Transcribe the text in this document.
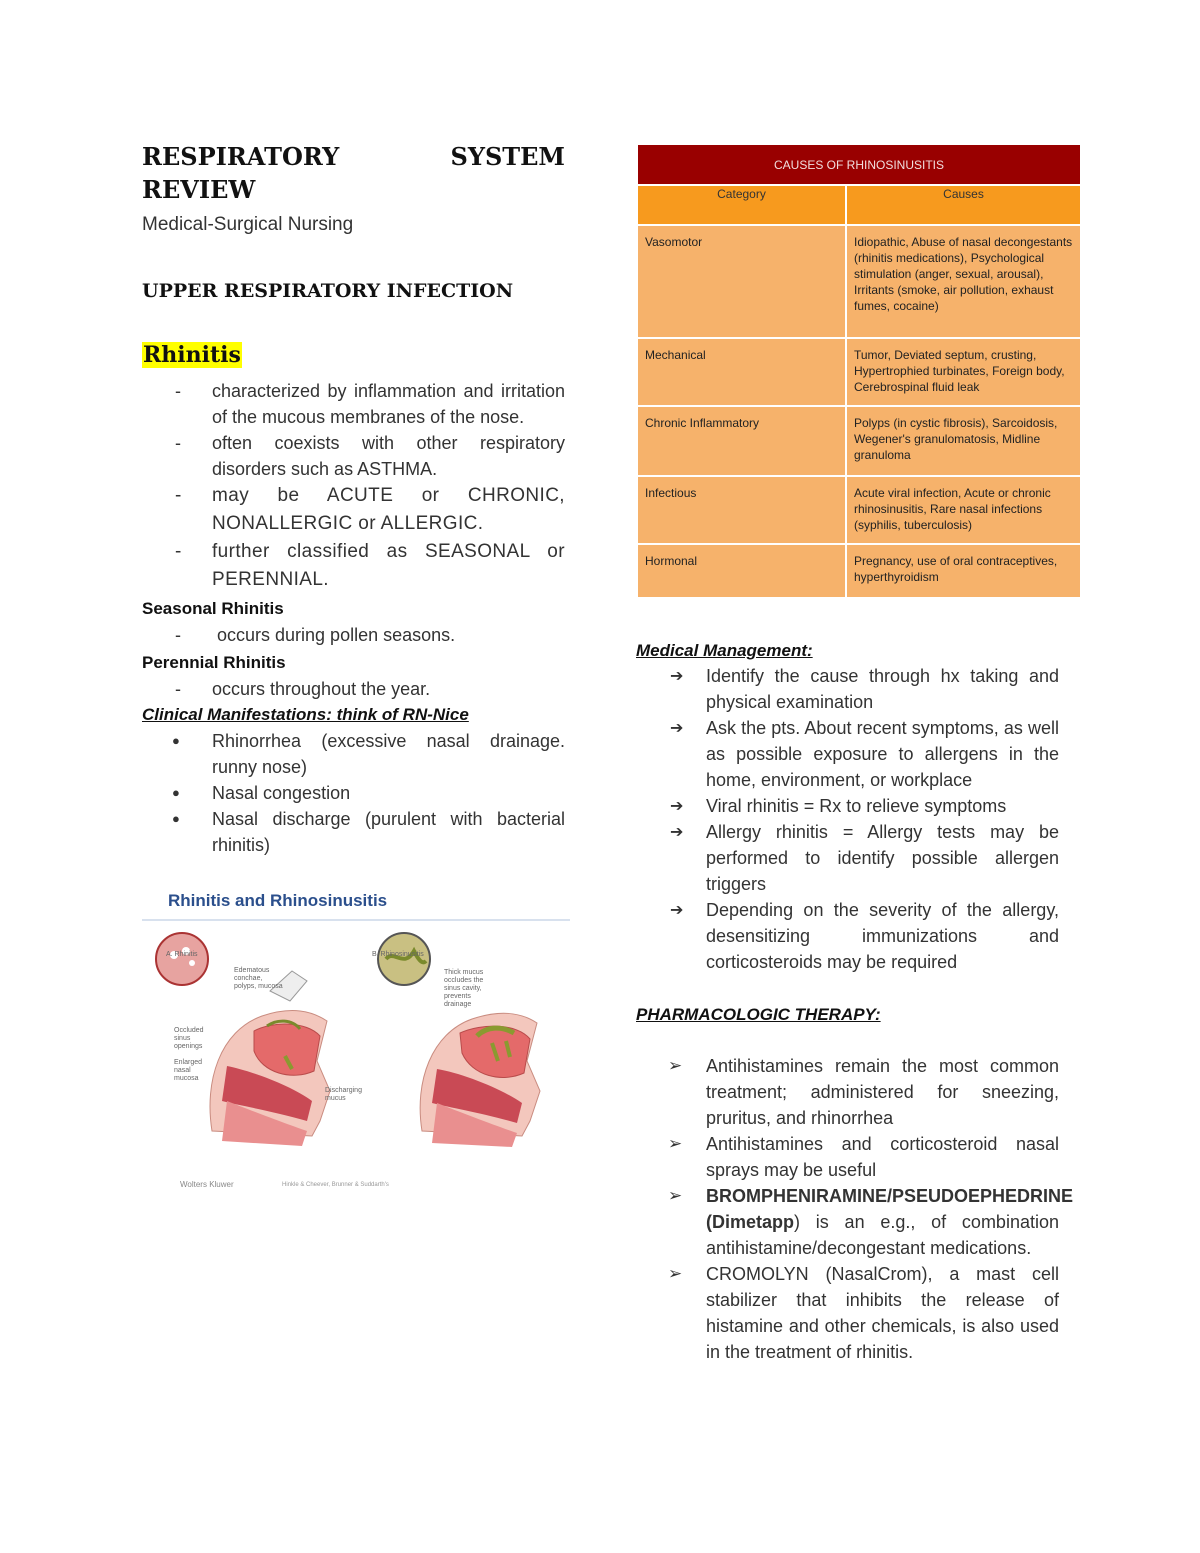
RESPIRATORY	SYSTEM
REVIEW
Medical-Surgical Nursing
UPPER RESPIRATORY INFECTION
Rhinitis
- characterized by inflammation and irritation of the mucous membranes of the nose.
- often coexists with other respiratory disorders such as ASTHMA.
- may be ACUTE or CHRONIC, NONALLERGIC or ALLERGIC.
- further classified as SEASONAL or PERENNIAL.
Seasonal Rhinitis
-  occurs during pollen seasons.
Perennial Rhinitis
- occurs throughout the year.
Clinical Manifestations: think of RN-Nice
● Rhinorrhea (excessive nasal drainage. runny nose)
● Nasal congestion
● Nasal discharge (purulent with bacterial rhinitis)
Rhinitis and Rhinosinusitis
A. Rhinitis
Edematous conchae, polyps, mucosa
Occluded sinus openings
Enlarged nasal mucosa
Discharging mucus
B. Rhinosinusitis
Thick mucus occludes the sinus cavity, prevents drainage
Wolters Kluwer	Hinkle & Cheever, Brunner & Suddarth's
CAUSES OF RHINOSINUSITIS	
Category	Causes
Vasomotor	Idiopathic, Abuse of nasal decongestants (rhinitis medications), Psychological stimulation (anger, sexual, arousal), Irritants (smoke, air pollution, exhaust fumes, cocaine)
Mechanical	Tumor, Deviated septum, crusting, Hypertrophied turbinates, Foreign body, Cerebrospinal fluid leak
Chronic Inflammatory	Polyps (in cystic fibrosis), Sarcoidosis, Wegener's granulomatosis, Midline granuloma
Infectious	Acute viral infection, Acute or chronic rhinosinusitis, Rare nasal infections (syphilis, tuberculosis)
Hormonal	Pregnancy, use of oral contraceptives, hyperthyroidism
Medical Management:
➔ Identify the cause through hx taking and physical examination
➔ Ask the pts. About recent symptoms, as well as possible exposure to allergens in the home, environment, or workplace
➔ Viral rhinitis = Rx to relieve symptoms
➔ Allergy rhinitis = Allergy tests may be performed to identify possible allergen triggers
➔ Depending on the severity of the allergy, desensitizing immunizations and corticosteroids may be required
PHARMACOLOGIC THERAPY:
➢ Antihistamines remain the most common treatment; administered for sneezing, pruritus, and rhinorrhea
➢ Antihistamines and corticosteroid nasal sprays may be useful
➢ BROMPHENIRAMINE/PSEUDOEPHEDRINE (Dimetapp) is an e.g., of combination antihistamine/decongestant medications.
➢ CROMOLYN (NasalCrom), a mast cell stabilizer that inhibits the release of histamine and other chemicals, is also used in the treatment of rhinitis.
